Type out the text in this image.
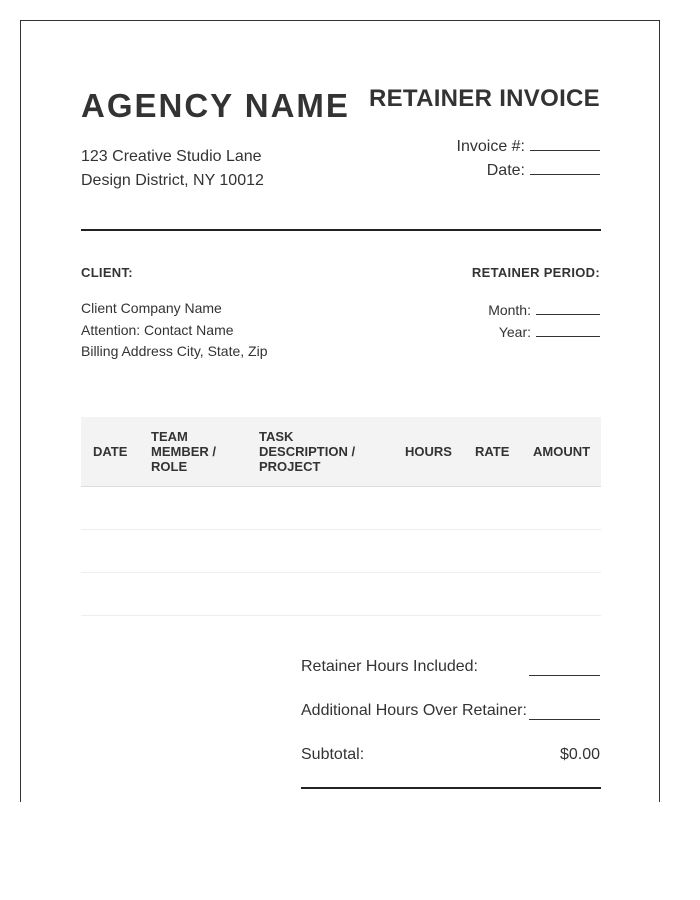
AGENCY NAME RETAINER INVOICE
123 Creative Studio Lane
Design District, NY 10012
Invoice #:
Date:
CLIENT:	RETAINER PERIOD:
Client Company Name
Attention: Contact Name
Billing Address City, State, Zip
Month:
Year:
DATE
TEAM
MEMBER /
ROLE
TASK
DESCRIPTION /
PROJECT
HOURS RATE AMOUNT
Retainer Hours Included:
Additional Hours Over Retainer:
Subtotal:	$0.00
